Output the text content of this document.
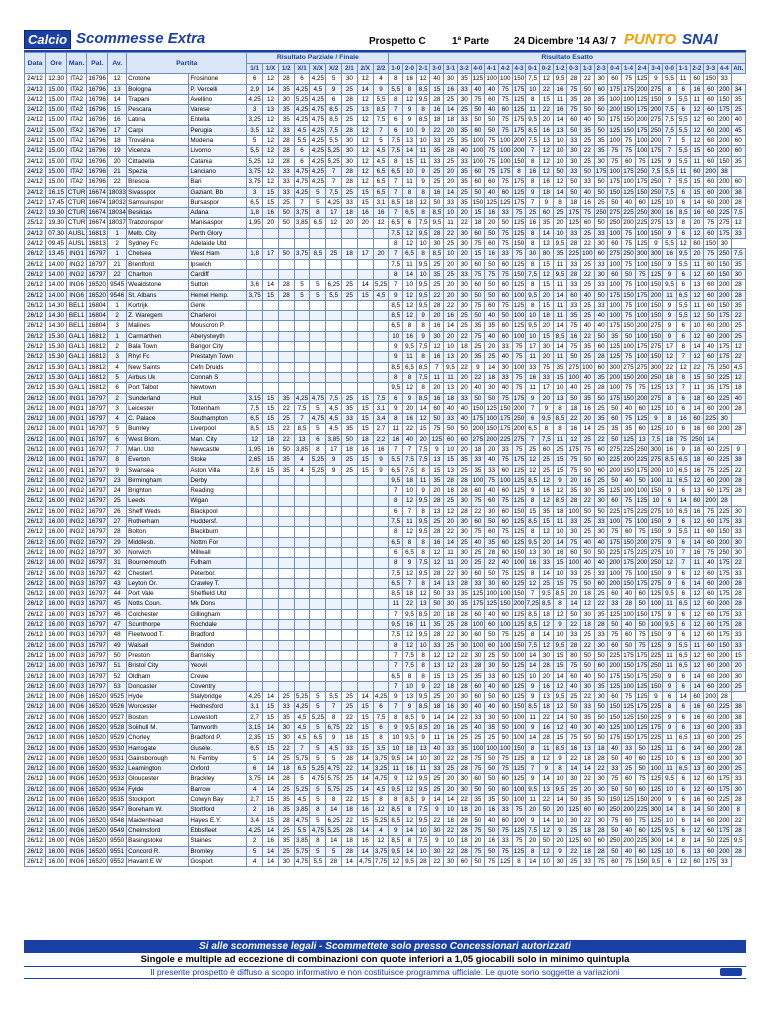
Calcio Scommesse Extra	Prospetto C	1ª Parte 24 Dicembre '14 A3/ 7 PUNTO SNAI
Data	Ore	Man.	Pal.	Av.	Partita		Risultato Parziale / Finale									Risultato Esatto																									
							1/1	1/X	1/2	X/1	X/X	X/2	2/1	2/X	2/2	1-0	2-0	2-1	3-0	3-1	3-2	4-0	4-1	4-2	4-3	0-1	0-2	1-2	0-3	1-3	2-3	0-4	1-4	2-4	3-4	0-0	1-1	2-2	3-3	4-4	Alt.
24/12	12.30	ITA2	16796	12	Crotone	Frosinone	6	12	28	6	4,25	5	30	12	4	8	16	12	40	30	35	125	100	100	150	7,5	12	9,5	28	22	30	60	75	125	9	5,5	11	60	150	33	
24/12	15.00	ITA2	16796	13	Bologna	P. Vercelli	2,9	14	35	4,25	4,5	9	25	14	9	5,5	8	8,5	15	16	33	40	40	75	175	10	22	16	75	50	60	175	175	200	275	8	6	16	60	200	34
24/12	15.00	ITA2	16796	14	Trapani	Avellino	4,25	12	30	5,25	4,25	6	28	12	5,5	8	12	9,5	28	25	30	75	60	75	125	8	15	11	35	28	35	100	100	125	150	9	5,5	11	60	150	35
24/12	15.00	ITA2	16796	15	Pescara	Varese	3	13	35	4,25	4,75	8,5	25	13	8,5	7	9	8	16	14	25	50	40	60	125	11	22	16	75	50	50	200	150	175	200	7,5	6	12	60	175	25
24/12	15.00	ITA2	16796	16	Latina	Entella	3,25	12	35	4,25	4,75	8,5	25	12	7,5	6	9	8,5	18	18	33	50	50	75	175	9,5	20	14	60	40	50	175	150	200	275	7,5	5,5	12	60	200	40
24/12	15.00	ITA2	16796	17	Carpi	Perugia	3,5	12	33	4,5	4,25	7,5	28	12	7	6	10	9	22	20	35	60	50	75	175	8,5	16	13	50	35	50	125	150	175	250	7,5	5,5	12	60	200	45
24/12	15.00	ITA2	16796	18	Trovalina	Modena	5	12	28	5,5	4,25	5,5	30	12	5	7,5	13	10	33	25	35	100	75	100	200	7,5	13	10	33	25	35	100	75	100	200	7	5	12	60	200	60
24/12	15.00	ITA2	16796	19	Vicenza	Livorno	5,5	12	28	6	4,25	5,25	30	12	4,5	7,5	14	11	35	28	40	100	75	100	200	7	12	10	30	22	35	75	75	100	175	7	5,5	15	60	200	60
24/12	15.00	ITA2	16796	20	Cittadella	Catania	5,25	12	28	6	4,25	5,25	30	12	4,5	8	15	11	33	25	33	100	75	100	150	8	12	10	30	25	30	75	60	75	125	9	5,5	11	60	150	35
24/12	15.00	ITA2	16796	21	Spezia	Lanciano	3,75	12	33	4,75	4,25	7	28	12	6,5	6,5	10	9	25	20	35	60	75	175	8	16	12	50	33	50	175	100	175	250	7,5	5,5	11	60	200	38	
24/12	15.00	ITA2	16796	22	Brescia	Bari	3,75	12	33	4,75	4,25	7	28	12	6,5	7	11	9	25	20	35	60	60	75	175	8	16	12	50	33	50	175	100	175	250	7	5,5	15	60	200	60
24/12	16.15	CTUR	16674	18033	Sivasspor	Gaziant. Bb	3	15	33	4,25	5	7,5	25	15	6,5	7	8	8	16	14	25	50	40	60	125	9	18	14	50	40	50	150	125	150	250	7,5	6	15	60	200	38
24/12	17.45	CTUR	16674	18032	Samsunspor	Bursaspor	6,5	15	25	7	5	4,25	33	15	3,1	8,5	18	12	50	33	35	150	125	125	175	7	9	8	18	16	25	50	40	60	125	10	6	14	60	200	28
24/12	19.30	CTUR	16674	18034	Besiktas	Adana	1,8	16	50	3,75	8	17	18	16	16	7	6,5	8	8,5	10	20	15	16	33	75	25	60	25	175	75	250	275	225	250	300	16	8,5	16	60	225	7,5
25/12	19.30	CTUR	16674	18037	Trabzonspor	Manisaspor	1,95	20	50	3,85	6,5	12	20	20	12	6,5	6	7,5	9,5	11	22	18	20	50	125	16	35	20	125	60	50	250	200	225	275	13	8	20	75	275	12
24/12	07.30	AUSL	16813	1	Melb. City	Perth Glory										7,5	12	9,5	28	22	30	60	50	75	125	8	14	10	33	25	33	100	75	100	150	9	6	12	60	175	33
24/12	09.45	AUSL	16813	2	Sydney Fc	Adelaide Utd										8	12	10	30	25	30	75	60	75	150	8	12	9,5	28	22	30	60	75	125	9	5,5	12	60	150	30	
26/12	13.45	ING1	16797	1	Chelsea	West Ham	1,8	17	50	3,75	8,5	25	18	17	20	7	6,5	8	8,5	10	20	15	16	33	75	30	80	35	225	100	60	275	250	300	300	16	9,5	20	75	250	7,5
26/12	14.00	ING2	16797	21	Brentford	Ipswich										7,5	11	9,5	25	20	30	60	50	60	125	8	15	11	33	25	33	100	75	100	150	9	5,5	11	60	150	35
26/12	14.00	ING2	16797	22	Charlton	Cardiff										8	14	10	35	25	33	75	75	75	150	7,5	12	9,5	28	22	30	60	50	75	125	9	6	12	60	150	30
26/12	14.00	ING6	16520	9545	Wealdstone	Sutton	3,6	14	28	5	5	6,25	25	14	5,25	7	10	9,5	25	20	30	60	50	60	125	8	15	11	33	25	33	100	75	100	150	9,5	6	13	60	200	28
26/12	14.00	ING6	16520	9546	St. Albans	Hemel Hemp.	3,75	15	28	5	5	5,5	25	15	4,5	9	12	9,5	22	20	30	50	50	60	100	9,5	20	14	60	40	50	175	150	175	200	11	6,5	12	60	200	28
26/12	14.30	BEL1	16804	1	Kortrijk	Genk										8,5	12	9,5	28	22	30	75	60	75	125	8	15	11	33	25	33	100	75	100	150	9	5,5	11	60	150	35
26/12	14.30	BEL1	16804	2	Z. Waregem	Charleroi										8,5	12	9	20	16	25	50	40	50	100	10	18	11	35	25	40	100	75	100	150	9	5,5	12	50	175	22
26/12	14.30	BEL1	16804	3	Malines	Mouscron P.										6,5	8	8	16	14	25	35	35	60	125	9,5	20	14	75	40	40	175	150	200	275	9	6	10	60	200	25
26/12	15.30	GAL1	16812	1	Carmarthen	Aberystwyth										10	16	9	30	20	22	75	40	60	100	10	15	8,5	16	22	50	35	50	100	150	9	6	12	60	200	25
26/12	15.30	GAL1	16812	2	Bala Town	Bangor City										9	9,5	7,5	12	10	18	25	20	33	75	17	30	14	75	35	60	125	100	175	275	17	8	14	40	175	12
26/12	15.30	GAL1	16812	3	Rhyl Fc	Prestatyn Town										9	11	8	16	13	20	35	25	40	75	11	20	11	50	25	28	125	75	100	150	12	7	12	60	175	22
26/12	15.30	GAL1	16812	4	New Saints	Cefn Druids										8,5	6,5	8,5	7	9,5	22	9	14	30	100	33	75	35	275	100	60	300	275	275	300	22	12	22	75	250	4,5
26/12	15.30	GAL1	16812	5	Airbus Uk	Connah S										8	8	7,5	11	11	20	22	18	33	75	16	33	15	100	40	35	200	150	200	250	18	8	15	50	225	12
26/12	15.30	GAL1	16812	6	Port Talbot	Newtown										9,5	12	8	20	13	20	40	30	40	75	11	17	10	40	25	28	100	75	75	125	13	7	11	35	175	18
26/12	16.00	ING1	16797	2	Sunderland	Hull	3,15	15	35	4,25	4,75	7,5	25	15	7,5	6	9	8,5	16	18	33	50	50	75	175	9	20	13	50	35	50	175	150	200	275	8	6	18	60	225	40
26/12	16.00	ING1	16797	3	Leicester	Tottenham	7,5	15	22	7,5	5	4,5	35	15	3,1	9	20	14	60	40	40	150	125	150	200	7	9	8	18	16	25	50	40	60	125	10	6	14	60	200	28
26/12	16.00	ING1	16797	4	C. Palace	Southampton	6,5	15	25	7	4,75	4,5	33	15	3,4	8	16	12	50	33	40	175	100	175	250	6	9,5	8,5	22	20	35	60	75	125	9	8	16	60	225	30	
26/12	16.00	ING1	16797	5	Burnley	Liverpool	8,5	15	22	8,5	5	4,5	35	15	2,7	11	22	15	75	50	50	200	150	175	200	6,5	8	8	16	14	25	35	35	60	125	10	6	16	60	200	28
26/12	16.00	ING1	16797	6	West Brom.	Man. City	12	18	22	13	6	3,85	50	18	2,2	16	40	20	125	60	60	275	200	225	275	7	7,5	11	12	25	22	50	125	13	7,5	18	75	250	14		
26/12	16.00	ING1	16797	7	Man. Utd	Newcastle	1,95	16	50	3,85	8	17	18	16	16	7	7	7,5	9	10	20	18	20	33	75	25	60	25	175	75	60	275	225	250	300	16	9	18	60	225	9
26/12	16.00	ING1	16797	8	Everton	Stoke	2,65	15	35	4	5,25	9	25	15	9	5,5	7,5	7,5	13	15	35	33	40	75	175	12	25	15	75	50	60	225	200	225	275	8,5	6,5	18	60	225	38
26/12	16.00	ING1	16797	9	Swansea	Aston Villa	2,6	15	35	4	5,25	9	25	15	9	6,5	7,5	8	15	13	25	35	33	60	125	12	25	15	75	50	60	200	150	175	200	10	6,5	16	75	225	22
26/12	16.00	ING2	16797	23	Birmingham	Derby										9,5	18	11	35	28	28	100	75	100	125	8,5	12	9	20	16	25	50	40	50	100	11	6,5	12	60	200	28
26/12	16.00	ING2	16797	24	Brighton	Reading										7	10	9	20	18	28	60	40	60	125	9	16	12	35	30	35	125	100	100	150	9	6	13	60	175	28
26/12	16.00	ING2	16797	25	Leeds	Wigan										8	12	9,5	28	25	30	75	60	75	125	8	12	8,5	28	22	30	60	75	125	10	6	14	60	200	28	
26/12	16.00	ING2	16797	26	Sheff Weds	Blackpool										6	7	8	13	12	28	22	30	60	150	15	35	18	100	50	50	225	175	225	275	10	6,5	16	75	225	30
26/12	16.00	ING2	16797	27	Rotherham	Huddersf.										7,5	11	9,5	25	20	30	60	50	60	125	8,5	15	11	33	25	33	100	75	100	150	9	6	12	60	175	33
26/12	16.00	ING2	16797	28	Bolton	Blackburn										8	12	9,5	28	22	30	75	60	75	125	8	12	10	30	25	30	75	60	75	150	9	5,5	11	60	150	33
26/12	16.00	ING2	16797	29	Middlesb.	Nottm For										6,5	8	8	16	14	25	40	35	60	125	9,5	20	14	75	40	40	175	150	200	275	9	6	14	60	200	30
26/12	16.00	ING2	16797	30	Norwich	Millwall										6	6,5	8	12	11	30	25	28	60	150	13	30	16	60	50	50	225	175	225	275	10	7	16	75	250	30
26/12	16.00	ING2	16797	31	Bournemouth	Fulham										8	9	7,5	12	11	20	25	22	40	100	16	33	15	100	40	40	200	175	200	250	12	7	11	40	175	22
26/12	16.00	ING3	16797	42	Chesterf.	Peterbor.										7,5	12	9,5	28	22	30	60	50	75	125	8	14	10	33	25	33	100	75	100	150	9	6	12	60	175	33
26/12	16.00	ING3	16797	43	Leyton Or.	Crawley T.										6,5	7	8	14	13	28	33	30	60	125	12	25	15	75	50	60	200	150	175	275	9	6	14	60	200	28
26/12	16.00	ING3	16797	44	Port Vale	Sheffield Utd										8,5	18	12	50	33	35	125	100	100	150	7	9,5	8,5	20	18	25	60	40	60	125	9,5	6	12	60	175	28
26/12	16.00	ING3	16797	45	Notts Coun.	Mk Dons										11	22	13	50	30	35	175	125	150	200	7,25	8,5	8	14	12	22	33	28	50	100	11	6,5	12	60	200	28
26/12	16.00	ING3	16797	46	Colchester	Gillingham										7	9,5	8,5	20	18	28	60	40	60	125	8,5	18	12	50	30	35	125	100	150	175	9	6	12	60	175	33
26/12	16.00	ING3	16797	47	Scunthorpe	Rochdale										9,5	16	11	35	25	28	100	60	100	125	8,5	12	9	22	18	28	50	40	50	100	9,5	6	12	60	175	28
26/12	16.00	ING3	16797	48	Fleetwood T.	Bradford										7,5	12	9,5	28	22	30	60	50	75	125	8	14	10	33	25	33	75	60	75	150	9	6	12	60	175	33
26/12	16.00	ING3	16797	49	Walsall	Swindon										8	12	10	33	25	30	100	60	100	150	7,5	12	9,5	28	22	30	60	50	75	125	9	5,5	11	60	150	33
26/12	16.00	ING3	16797	50	Preston	Barnsley										7	7,5	8	12	12	22	30	25	50	100	14	30	15	80	50	50	225	175	175	225	11	6,5	12	60	200	15
26/12	16.00	ING3	16797	51	Bristol City	Yeovil										7	7,5	8	13	12	23	28	30	50	125	14	28	15	75	50	60	200	150	175	250	11	6,5	12	60	200	20
26/12	16.00	ING3	16797	52	Oldham	Crewe										6,5	8	8	15	13	25	35	33	60	125	10	20	14	60	40	50	175	150	175	250	9	6	14	60	200	30
26/12	16.00	ING3	16797	53	Doncaster	Coventry										7	10	9	22	18	28	60	40	60	125	9	16	12	40	30	35	125	100	125	150	9	6	14	60	200	25
26/12	16.00	ING6	16520	9525	Hyde	Stalybridge	4,25	14	25	5,25	5	5,5	25	14	4,25	9	13	9,5	25	20	30	60	50	60	125	9	13	9,5	25	22	30	60	75	125	9	6	14	60	200	28	
26/12	16.00	ING6	16520	9526	Worcester	Hednesford	3,1	15	33	4,25	5	7	25	15	6	7	9	8,5	18	16	30	40	40	60	150	8,5	18	12	50	33	50	150	125	175	225	8	6	16	60	225	38
26/12	16.00	ING6	16520	9527	Boston	Lowestoft	2,7	15	35	4,5	5,25	8	22	15	7,5	8	8,5	9	14	14	22	33	30	50	100	11	22	14	50	35	50	150	125	150	225	9	6	16	60	200	38
26/12	16.00	ING6	16520	9528	Solihull M.	Tamworth	3,15	14	30	4,5	5	6,75	22	15	6	9	9,5	8,5	20	16	25	40	35	50	100	9	16	12	40	30	40	125	100	125	175	9	6	13	60	200	33
26/12	16.00	ING6	16520	9529	Chorley	Bradford P.	2,35	15	30	4,5	6,5	9	18	15	8	10	9,5	9	11	16	25	25	25	50	100	14	28	15	75	50	50	175	150	175	225	11	6,5	13	60	200	25
26/12	16.00	ING6	16520	9530	Harrogate	Gusele.	6,5	15	22	7	5	4,5	33	15	3,5	10	18	13	40	33	35	100	100	100	150	8	11	8,5	16	13	18	40	33	50	125	11	6	14	60	200	28
26/12	16.00	ING6	16520	9531	Gainsborough	N. Ferriby	5	14	25	5,75	5	5	28	14	3,75	9,5	14	10	30	22	28	75	50	75	125	8	12	9	22	18	28	50	40	60	125	10	6	13	60	200	30
26/12	16.00	ING6	16520	9532	Leamington	Oxford	6	14	18	6,5	5,25	4,75	22	14	3,25	11	16	11	33	25	28	75	50	75	125	7	9	8	14	14	22	33	25	50	100	11	6,5	13	60	200	25
26/12	16.00	ING6	16520	9533	Gloucester	Brackley	3,75	14	28	5	4,75	5,75	25	14	4,75	9	12	9,5	25	20	30	60	50	60	125	9	14	10	30	22	30	75	60	75	125	9,5	6	12	60	175	33
26/12	16.00	ING6	16520	9534	Fylde	Barrow	4	14	25	5,25	5	5,75	25	14	4,5	9,5	12	9,5	25	20	30	50	50	60	100	9,5	13	9,5	25	20	30	50	50	60	125	10	6	12	60	175	30
26/12	16.00	ING6	16520	9535	Stockport	Colwyn Bay	2,7	15	35	4,5	5	8	22	15	8	8	8,5	9	14	14	22	35	35	50	100	11	22	14	50	35	50	150	125	150	200	9	6	16	60	225	28
26/12	16.00	ING6	16520	9547	Boreham W.	Stortford	2	16	35	3,85	8	14	18	16	12	8,5	8	7,5	9	10	18	20	16	33	75	20	50	20	125	60	60	250	200	225	300	14	8	14	50	200	8
26/12	16.00	ING6	16520	9548	Maidenhead	Hayes E.Y.	3,4	15	28	4,75	5	6,25	22	15	5,25	8,5	12	9,5	22	18	28	50	40	60	100	9	14	10	30	22	30	75	60	75	125	10	6	14	60	200	22
26/12	16.00	ING6	16520	9549	Chelmsford	Ebbsfleet	4,25	14	25	5,5	4,75	5,25	28	14	4	9	14	10	30	22	28	75	50	75	125	7,5	12	9	25	18	28	50	40	60	125	9,5	6	12	60	175	28
26/12	16.00	ING6	16520	9550	Basingstoke	Staines	2	16	35	3,85	8	14	18	16	12	8,5	8	7,5	9	10	18	20	16	33	75	20	50	20	125	60	60	250	200	225	300	14	8	14	50	225	9,5
26/12	16.00	ING6	16520	9551	Concord R.	Bromley	5	14	25	5,75	5	5	28	14	3,75	9,5	14	10	30	22	28	75	50	75	125	8	12	9	22	18	28	50	40	60	125	10	6	13	60	200	28
26/12	16.00	ING6	16520	9552	Havant E W	Gosport	4	14	30	4,75	5,5	28	14	4,75	7,75	12	9,5	28	22	30	60	50	75	125	8	14	10	30	25	33	75	60	75	150	9,5	6	12	60	175	33	
Si alle scommesse legali - Scommettete solo presso Concessionari autorizzati
Singole e multiple ad eccezione di combinazioni con quote inferiori a 1,05 giocabili solo in minimo quintupla
Il presente prospetto è diffuso a scopo informativo e non costituisce programma ufficiale. Le quote sono soggette a variazioni
